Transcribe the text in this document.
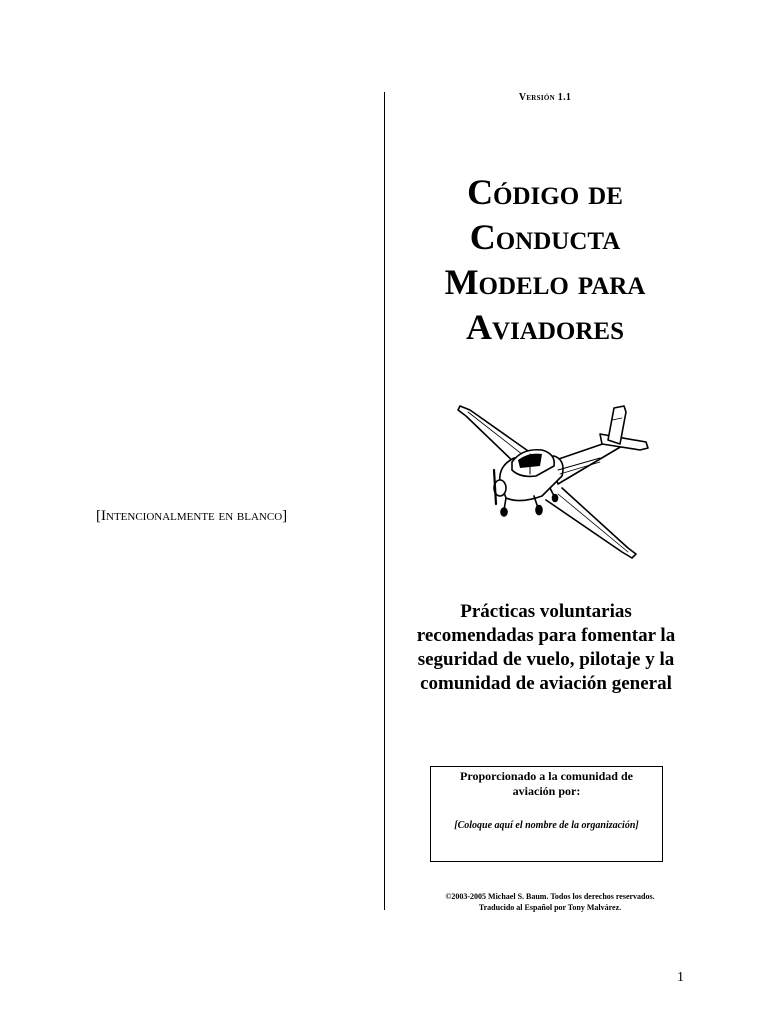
[Intencionalmente en blanco]
Versión 1.1
Código de
Conducta
Modelo para
Aviadores
Prácticas voluntarias
recomendadas para fomentar la
seguridad de vuelo, pilotaje y la
comunidad de aviación general
Proporcionado a la comunidad de aviación por:
[Coloque aquí el nombre de la organización]
©2003-2005 Michael S. Baum. Todos los derechos reservados.
Traducido al Español por Tony Malvárez.
1
